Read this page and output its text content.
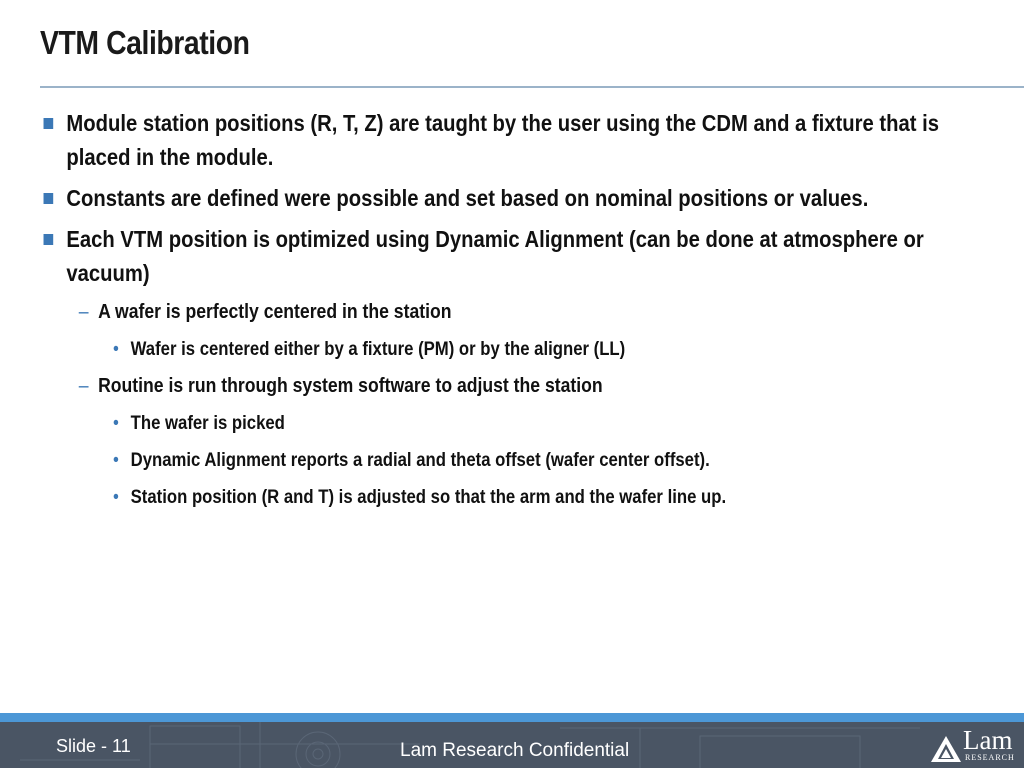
VTM Calibration
Module station positions (R, T, Z) are taught by the user using the CDM and a fixture that is placed in the module.
Constants are defined were possible and set based on nominal positions or values.
Each VTM position is optimized using Dynamic Alignment (can be done at atmosphere or vacuum)
– A wafer is perfectly centered in the station
• Wafer is centered either by a fixture (PM) or by the aligner (LL)
– Routine is run through system software to adjust the station
• The wafer is picked
• Dynamic Alignment reports a radial and theta offset (wafer center offset).
• Station position (R and T) is adjusted so that the arm and the wafer line up.
Slide - 11	Lam Research Confidential	Lam
RESEARCH
